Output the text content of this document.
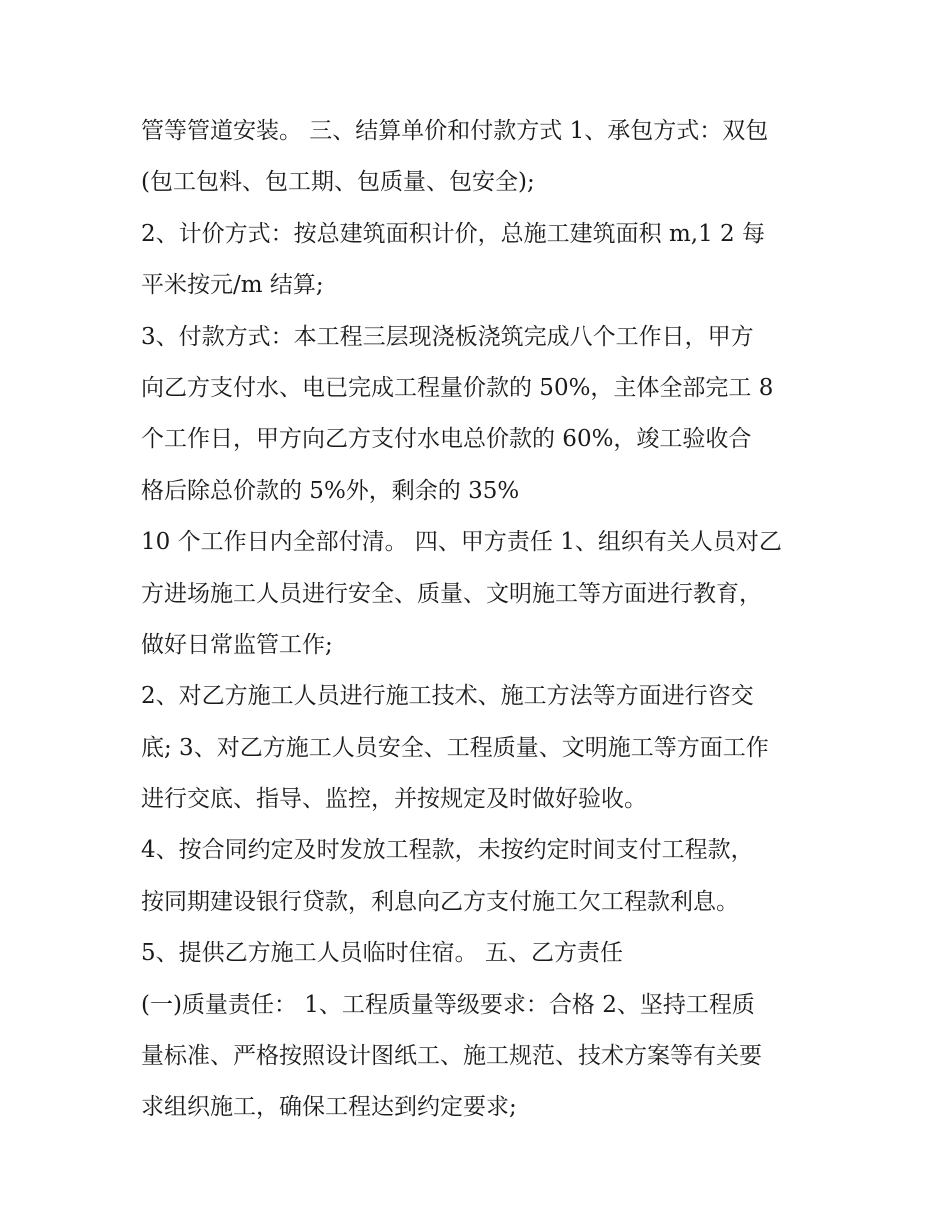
管等管道安装。 三、结算单价和付款方式 1、承包方式：双包
(包工包料、包工期、包质量、包安全);
2、计价方式：按总建筑面积计价，总施工建筑面积 m,1 2 每
平米按元/m 结算;
3、付款方式：本工程三层现浇板浇筑完成八个工作日，甲方
向乙方支付水、电已完成工程量价款的 50%，主体全部完工 8
个工作日，甲方向乙方支付水电总价款的 60%，竣工验收合
格后除总价款的 5%外，剩余的 35%
10 个工作日内全部付清。 四、甲方责任 1、组织有关人员对乙
方进场施工人员进行安全、质量、文明施工等方面进行教育，
做好日常监管工作;
2、对乙方施工人员进行施工技术、施工方法等方面进行咨交
底; 3、对乙方施工人员安全、工程质量、文明施工等方面工作
进行交底、指导、监控，并按规定及时做好验收。
4、按合同约定及时发放工程款，未按约定时间支付工程款，
按同期建设银行贷款，利息向乙方支付施工欠工程款利息。
5、提供乙方施工人员临时住宿。 五、乙方责任
(一)质量责任： 1、工程质量等级要求：合格 2、坚持工程质
量标准、严格按照设计图纸工、施工规范、技术方案等有关要
求组织施工，确保工程达到约定要求;
